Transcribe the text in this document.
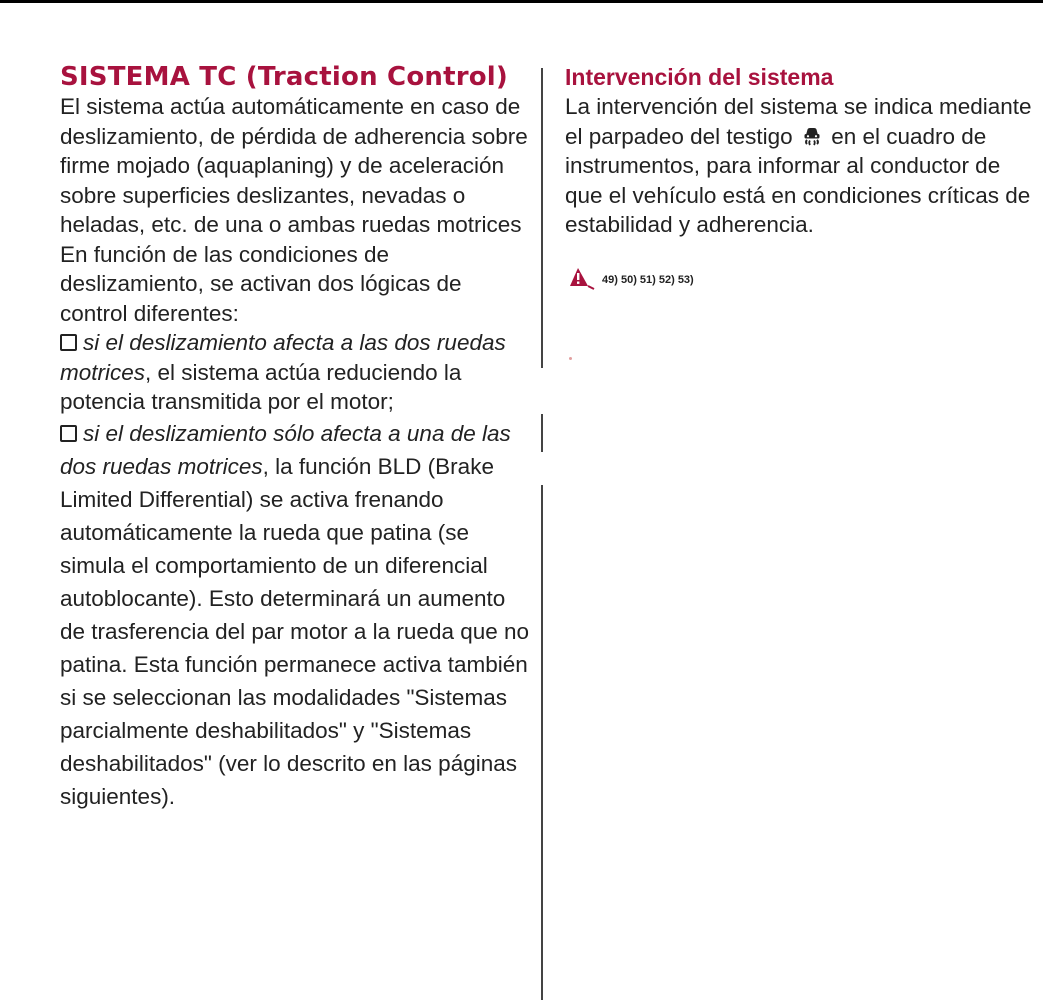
SISTEMA TC (Traction Control)

El sistema actúa automáticamente en caso de deslizamiento, de pérdida de adherencia sobre firme mojado (aquaplaning) y de aceleración sobre superficies deslizantes, nevadas o heladas, etc. de una o ambas ruedas motrices En función de las condiciones de deslizamiento, se activan dos lógicas de control diferentes:

si el deslizamiento afecta a las dos ruedas motrices, el sistema actúa reduciendo la potencia transmitida por el motor;

si el deslizamiento sólo afecta a una de las dos ruedas motrices, la función BLD (Brake Limited Differential) se activa frenando automáticamente la rueda que patina (se simula el comportamiento de un diferencial autoblocante). Esto determinará un aumento de trasferencia del par motor a la rueda que no patina. Esta función permanece activa también si se seleccionan las modalidades "Sistemas parcialmente deshabilitados" y "Sistemas deshabilitados" (ver lo descrito en las páginas siguientes).

Intervención del sistema

La intervención del sistema se indica mediante el parpadeo del testigo en el cuadro de instrumentos, para informar al conductor de que el vehículo está en condiciones críticas de estabilidad y adherencia.

49) 50) 51) 52) 53)
